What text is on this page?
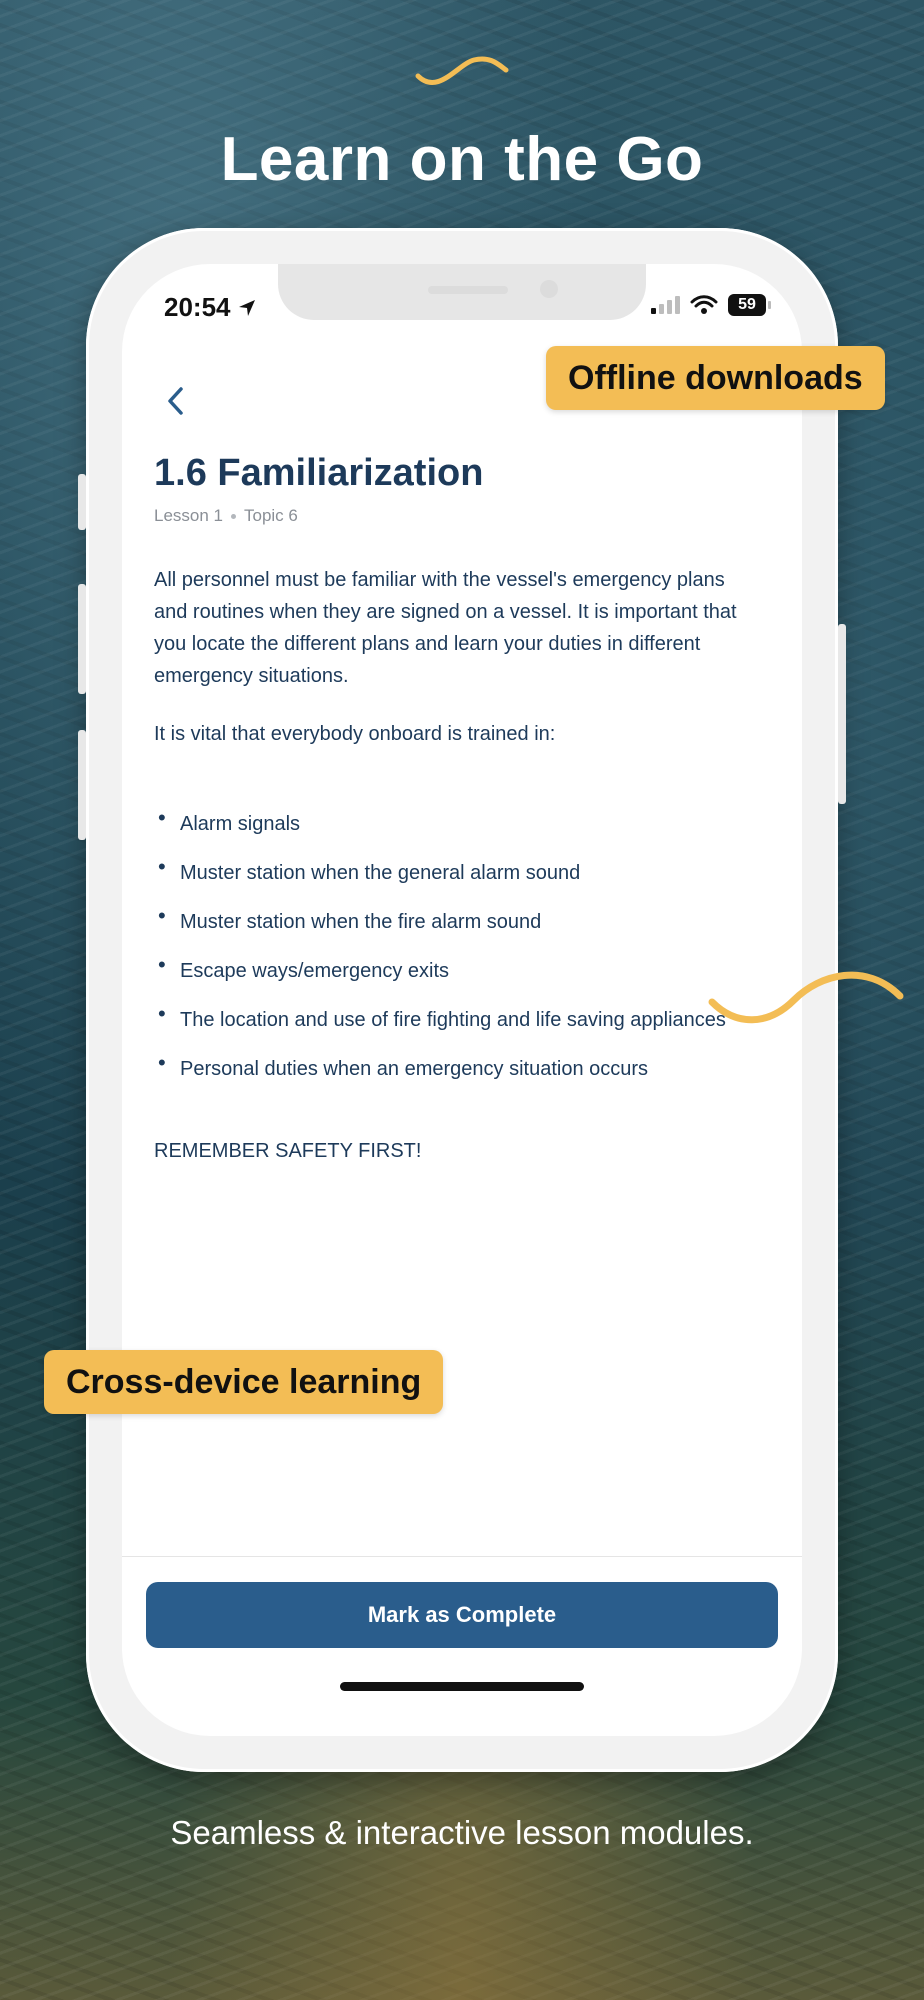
Learn on the Go
20:54	59
1.6 Familiarization
Lesson 1 Topic 6

All personnel must be familiar with the vessel's emergency plans and routines when they are signed on a vessel. It is important that you locate the different plans and learn your duties in different emergency situations.

It is vital that everybody onboard is trained in:

• Alarm signals
• Muster station when the general alarm sound
• Muster station when the fire alarm sound
• Escape ways/emergency exits
• The location and use of fire fighting and life saving appliances
• Personal duties when an emergency situation occurs

REMEMBER SAFETY FIRST!

Mark as Complete
Offline downloads
Cross-device learning
Seamless & interactive lesson modules.
